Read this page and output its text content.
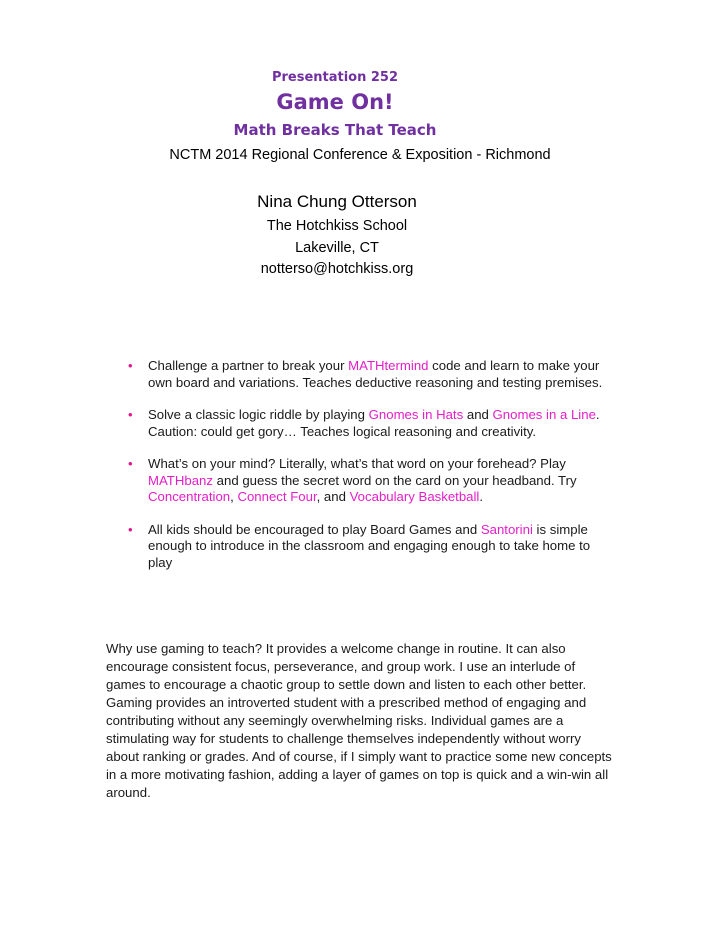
Presentation 252
Game On!
Math Breaks That Teach
NCTM 2014 Regional Conference & Exposition - Richmond
Nina Chung Otterson
The Hotchkiss School
Lakeville, CT
notterso@hotchkiss.org
• Challenge a partner to break your MATHtermind code and learn to make your own board and variations. Teaches deductive reasoning and testing premises.
• Solve a classic logic riddle by playing Gnomes in Hats and Gnomes in a Line. Caution: could get gory… Teaches logical reasoning and creativity.
• What’s on your mind? Literally, what’s that word on your forehead? Play MATHbanz and guess the secret word on the card on your headband. Try Concentration, Connect Four, and Vocabulary Basketball.
• All kids should be encouraged to play Board Games and Santorini is simple enough to introduce in the classroom and engaging enough to take home to play

Why use gaming to teach? It provides a welcome change in routine. It can also encourage consistent focus, perseverance, and group work. I use an interlude of games to encourage a chaotic group to settle down and listen to each other better. Gaming provides an introverted student with a prescribed method of engaging and contributing without any seemingly overwhelming risks. Individual games are a stimulating way for students to challenge themselves independently without worry about ranking or grades. And of course, if I simply want to practice some new concepts in a more motivating fashion, adding a layer of games on top is quick and a win-win all around.
